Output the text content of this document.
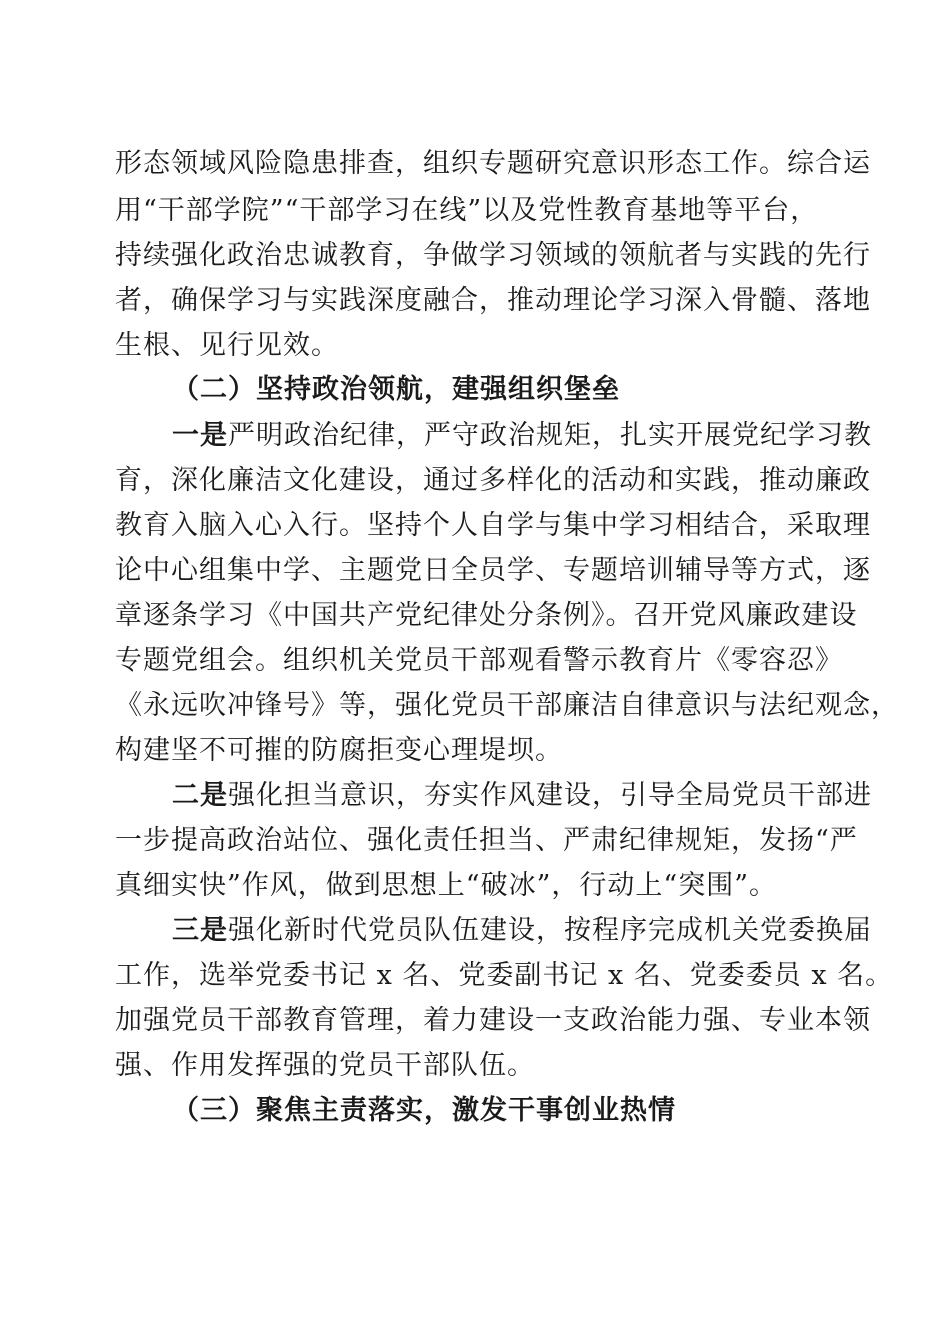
形态领域风险隐患排查，组织专题研究意识形态工作。综合运
用“干部学院”“干部学习在线”以及党性教育基地等平台，
持续强化政治忠诚教育，争做学习领域的领航者与实践的先行
者，确保学习与实践深度融合，推动理论学习深入骨髓、落地
生根、见行见效。
（二）坚持政治领航，建强组织堡垒
一是严明政治纪律，严守政治规矩，扎实开展党纪学习教
育，深化廉洁文化建设，通过多样化的活动和实践，推动廉政
教育入脑入心入行。坚持个人自学与集中学习相结合，采取理
论中心组集中学、主题党日全员学、专题培训辅导等方式，逐
章逐条学习《中国共产党纪律处分条例》。召开党风廉政建设
专题党组会。组织机关党员干部观看警示教育片《零容忍》
《永远吹冲锋号》等，强化党员干部廉洁自律意识与法纪观念，
构建坚不可摧的防腐拒变心理堤坝。
二是强化担当意识，夯实作风建设，引导全局党员干部进
一步提高政治站位、强化责任担当、严肃纪律规矩，发扬“严
真细实快”作风，做到思想上“破冰”，行动上“突围”。
三是强化新时代党员队伍建设，按程序完成机关党委换届
工作，选举党委书记 x 名、党委副书记 x 名、党委委员 x 名。
加强党员干部教育管理，着力建设一支政治能力强、专业本领
强、作用发挥强的党员干部队伍。
（三）聚焦主责落实，激发干事创业热情
